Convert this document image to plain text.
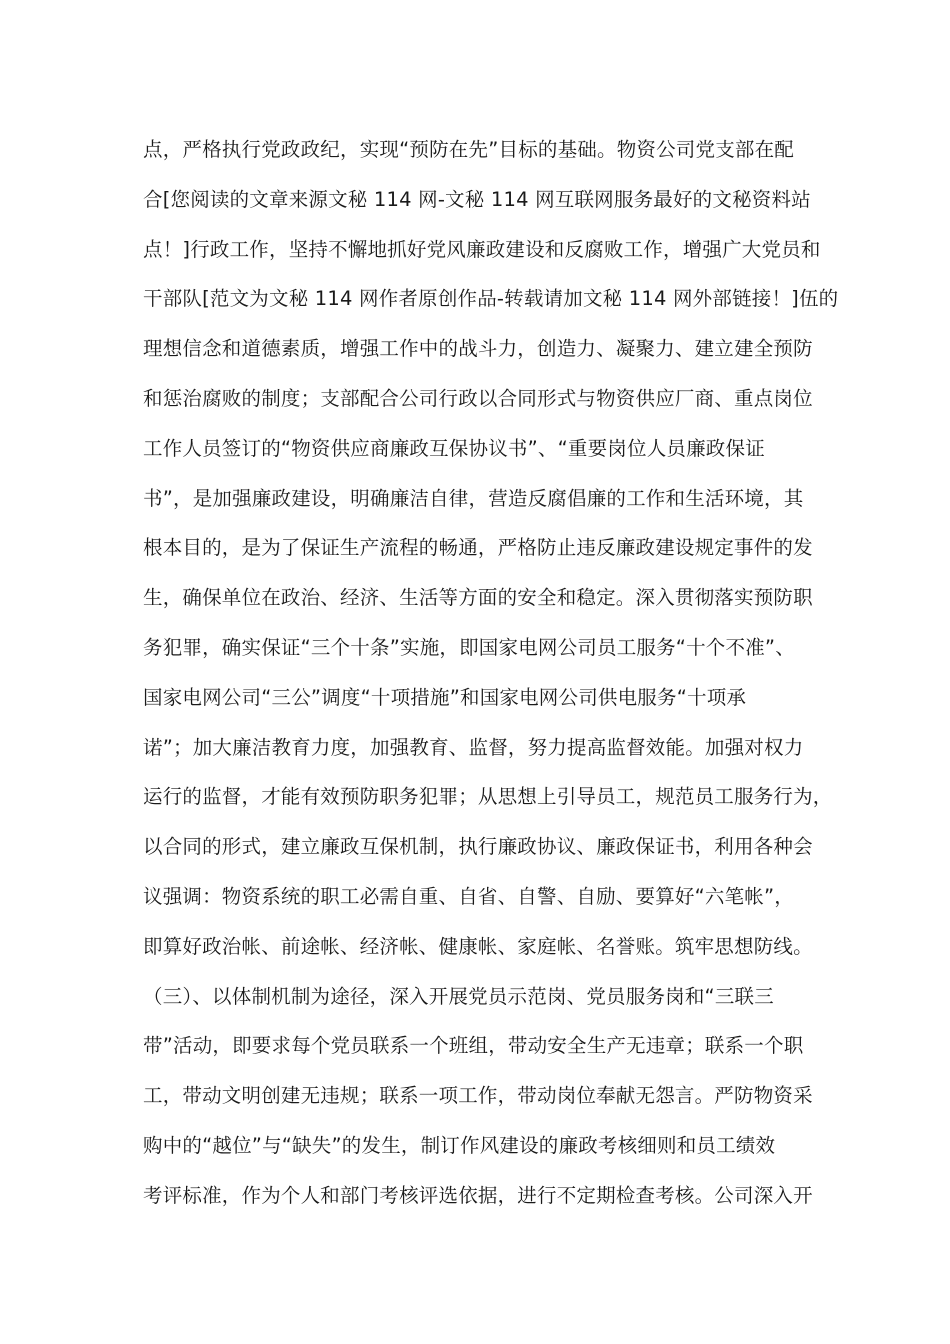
点，严格执行党政政纪，实现“预防在先”目标的基础。物资公司党支部在配
合[您阅读的文章来源文秘 114 网-文秘 114 网互联网服务最好的文秘资料站
点！]行政工作，坚持不懈地抓好党风廉政建设和反腐败工作，增强广大党员和
干部队[范文为文秘 114 网作者原创作品-转载请加文秘 114 网外部链接！]伍的
理想信念和道德素质，增强工作中的战斗力，创造力、凝聚力、建立建全预防
和惩治腐败的制度；支部配合公司行政以合同形式与物资供应厂商、重点岗位
工作人员签订的“物资供应商廉政互保协议书”、“重要岗位人员廉政保证
书”，是加强廉政建设，明确廉洁自律，营造反腐倡廉的工作和生活环境，其
根本目的，是为了保证生产流程的畅通，严格防止违反廉政建设规定事件的发
生，确保单位在政治、经济、生活等方面的安全和稳定。深入贯彻落实预防职
务犯罪，确实保证“三个十条”实施，即国家电网公司员工服务“十个不准”、
国家电网公司“三公”调度“十项措施”和国家电网公司供电服务“十项承
诺”；加大廉洁教育力度，加强教育、监督，努力提高监督效能。加强对权力
运行的监督，才能有效预防职务犯罪；从思想上引导员工，规范员工服务行为，
以合同的形式，建立廉政互保机制，执行廉政协议、廉政保证书，利用各种会
议强调：物资系统的职工必需自重、自省、自警、自励、要算好“六笔帐”，
即算好政治帐、前途帐、经济帐、健康帐、家庭帐、名誉账。筑牢思想防线。
（三）、以体制机制为途径，深入开展党员示范岗、党员服务岗和“三联三
带”活动，即要求每个党员联系一个班组，带动安全生产无违章；联系一个职
工，带动文明创建无违规；联系一项工作，带动岗位奉献无怨言。严防物资采
购中的“越位”与“缺失”的发生，制订作风建设的廉政考核细则和员工绩效
考评标准，作为个人和部门考核评选依据，进行不定期检查考核。公司深入开
